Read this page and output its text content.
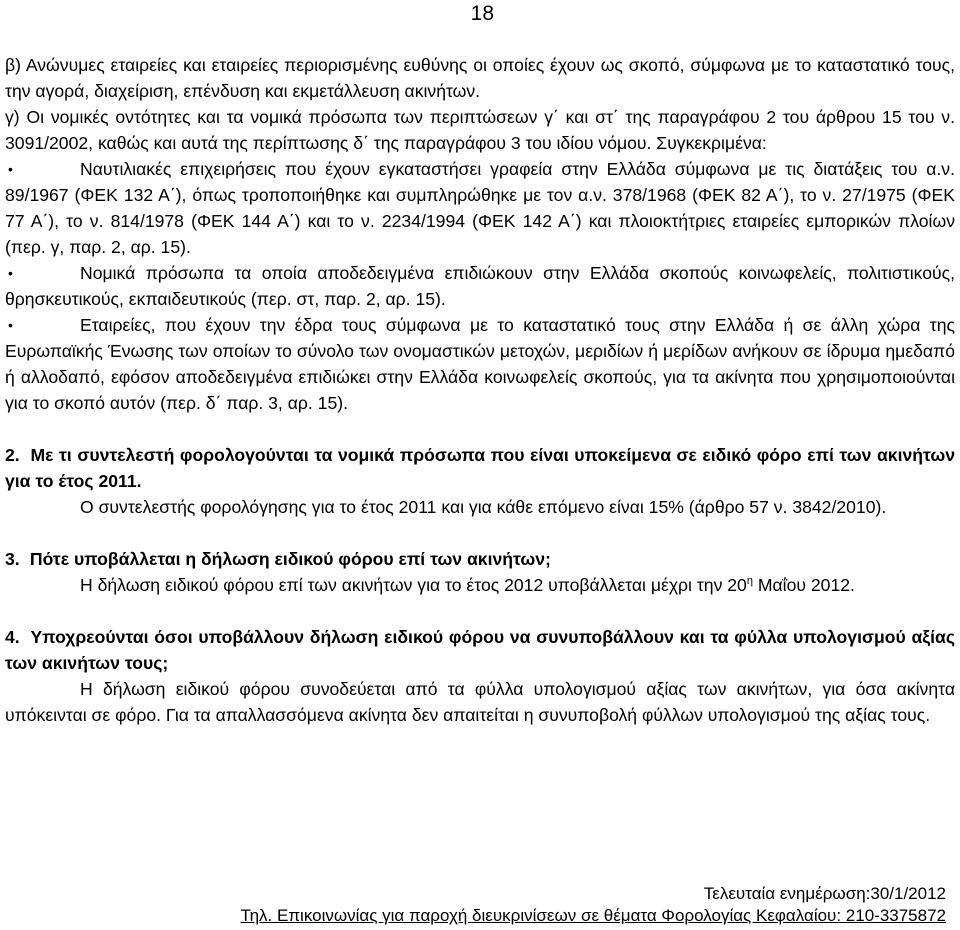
18

β) Ανώνυμες εταιρείες και εταιρείες περιορισμένης ευθύνης οι οποίες έχουν ως σκοπό, σύμφωνα με το καταστατικό τους, την αγορά, διαχείριση, επένδυση και εκμετάλλευση ακινήτων.

γ) Οι νομικές οντότητες και τα νομικά πρόσωπα των περιπτώσεων γ΄ και στ΄ της παραγράφου 2 του άρθρου 15 του ν. 3091/2002, καθώς και αυτά της περίπτωσης δ΄ της παραγράφου 3 του ιδίου νόμου. Συγκεκριμένα:

•	Ναυτιλιακές επιχειρήσεις που έχουν εγκαταστήσει γραφεία στην Ελλάδα σύμφωνα με τις διατάξεις του α.ν. 89/1967 (ΦΕΚ 132 Α΄), όπως τροποποιήθηκε και συμπληρώθηκε με τον α.ν. 378/1968 (ΦΕΚ 82 Α΄), το ν. 27/1975 (ΦΕΚ 77 Α΄), το ν. 814/1978 (ΦΕΚ 144 Α΄) και το ν. 2234/1994 (ΦΕΚ 142 Α΄) και πλοιοκτήτριες εταιρείες εμπορικών πλοίων (περ. γ, παρ. 2, αρ. 15).

•	Νομικά πρόσωπα τα οποία αποδεδειγμένα επιδιώκουν στην Ελλάδα σκοπούς κοινωφελείς, πολιτιστικούς, θρησκευτικούς, εκπαιδευτικούς (περ. στ, παρ. 2, αρ. 15).

•	Εταιρείες, που έχουν την έδρα τους σύμφωνα με το καταστατικό τους στην Ελλάδα ή σε άλλη χώρα της Ευρωπαϊκής Ένωσης των οποίων το σύνολο των ονομαστικών μετοχών, μεριδίων ή μερίδων ανήκουν σε ίδρυμα ημεδαπό ή αλλοδαπό, εφόσον αποδεδειγμένα επιδιώκει στην Ελλάδα κοινωφελείς σκοπούς, για τα ακίνητα που χρησιμοποιούνται για το σκοπό αυτόν (περ. δ΄ παρ. 3, αρ. 15).

2. Με τι συντελεστή φορολογούνται τα νομικά πρόσωπα που είναι υποκείμενα σε ειδικό φόρο επί των ακινήτων για το έτος 2011.

Ο συντελεστής φορολόγησης για το έτος 2011 και για κάθε επόμενο είναι 15% (άρθρο 57 ν. 3842/2010).

3. Πότε υποβάλλεται η δήλωση ειδικού φόρου επί των ακινήτων;

Η δήλωση ειδικού φόρου επί των ακινήτων για το έτος 2012 υποβάλλεται μέχρι την $20^\eta$ Μαΐου 2012.

4. Υποχρεούνται όσοι υποβάλλουν δήλωση ειδικού φόρου να συνυποβάλλουν και τα φύλλα υπολογισμού αξίας των ακινήτων τους;

Η δήλωση ειδικού φόρου συνοδεύεται από τα φύλλα υπολογισμού αξίας των ακινήτων, για όσα ακίνητα υπόκεινται σε φόρο. Για τα απαλλασσόμενα ακίνητα δεν απαιτείται η συνυποβολή φύλλων υπολογισμού της αξίας τους.

Τελευταία ενημέρωση:30/1/2012
Τηλ. Επικοινωνίας για παροχή διευκρινίσεων σε θέματα Φορολογίας Κεφαλαίου: 210-3375872
